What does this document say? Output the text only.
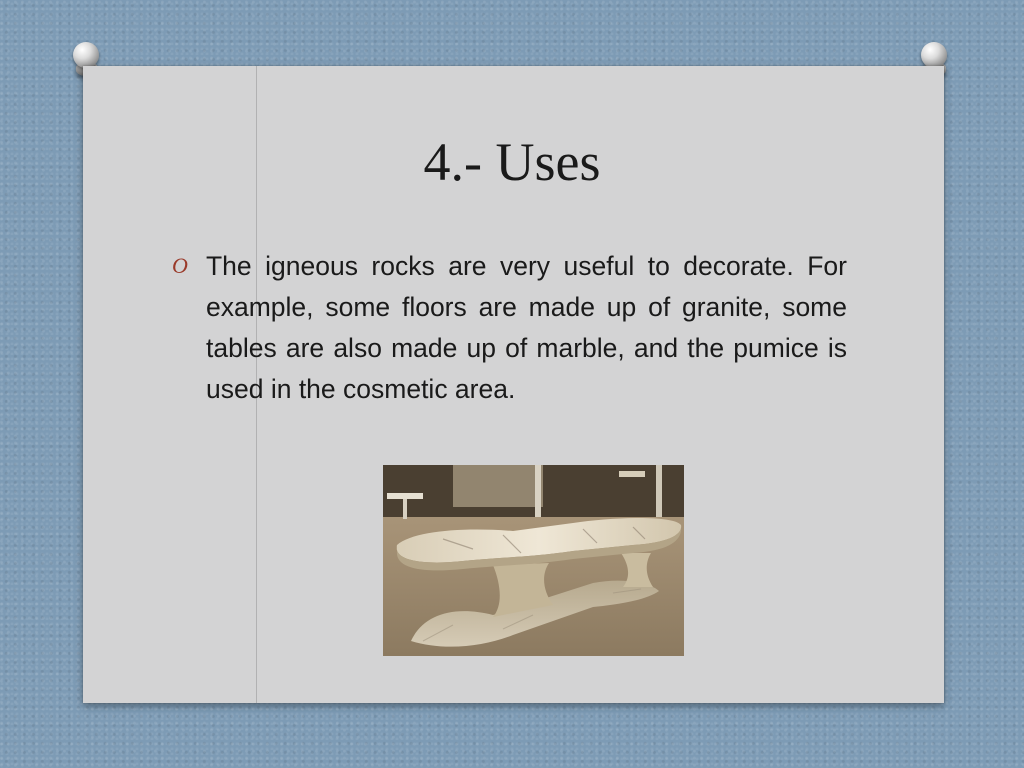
4.- Uses
O The igneous rocks are very useful to decorate. For example, some floors are made up of granite, some tables are also made up of marble, and the pumice is used in the cosmetic area.
